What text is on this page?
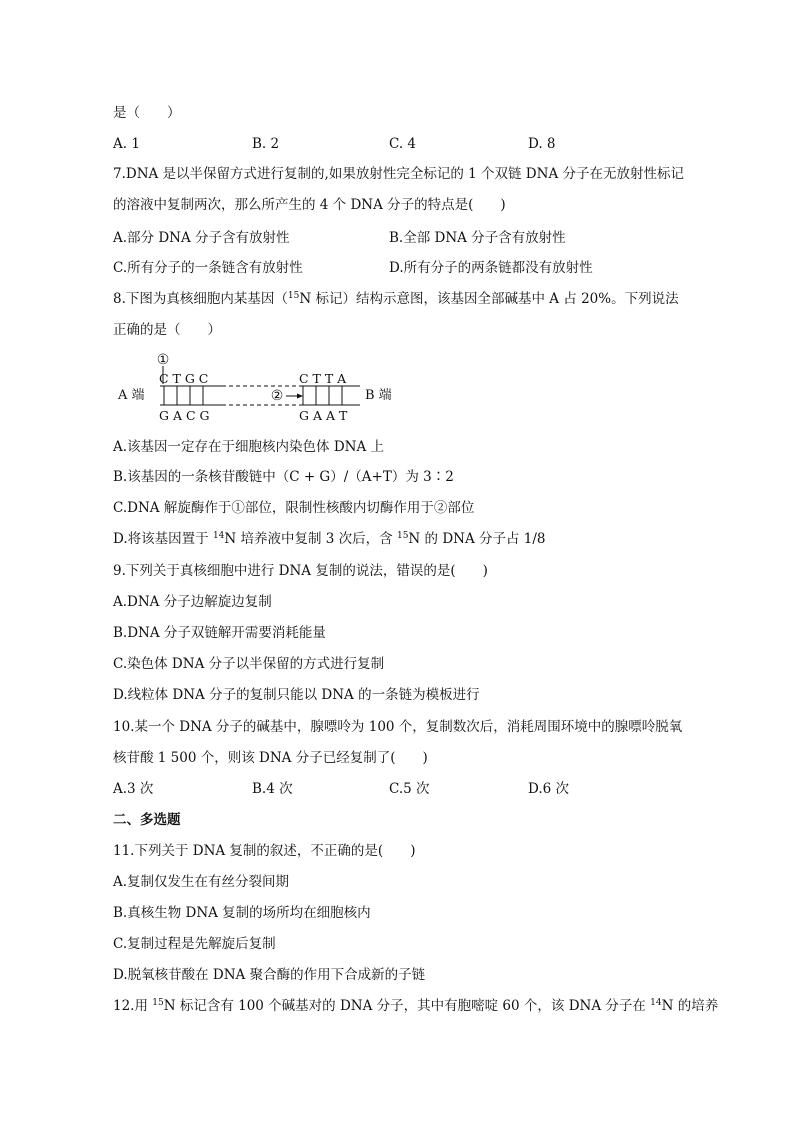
是（　　）
A. 1	B. 2	C. 4	D. 8
7.DNA 是以半保留方式进行复制的,如果放射性完全标记的 1 个双链 DNA 分子在无放射性标记
的溶液中复制两次，那么所产生的 4 个 DNA 分子的特点是(　　)
A.部分 DNA 分子含有放射性	B.全部 DNA 分子含有放射性
C.所有分子的一条链含有放射性	D.所有分子的两条链都没有放射性
8.下图为真核细胞内某基因（$^{15}$N 标记）结构示意图，该基因全部碱基中 A 占 20%。下列说法
正确的是（　　）
①
C T G C	C T T A
A 端	B 端
②
G A C G	G A A T
A.该基因一定存在于细胞核内染色体 DNA 上
B.该基因的一条核苷酸链中（C + G）/（A+T）为 3∶2
C.DNA 解旋酶作于①部位，限制性核酸内切酶作用于②部位
D.将该基因置于 $^{14}$N 培养液中复制 3 次后，含 $^{15}$N 的 DNA 分子占 1/8
9.下列关于真核细胞中进行 DNA 复制的说法，错误的是(　　)
A.DNA 分子边解旋边复制
B.DNA 分子双链解开需要消耗能量
C.染色体 DNA 分子以半保留的方式进行复制
D.线粒体 DNA 分子的复制只能以 DNA 的一条链为模板进行
10.某一个 DNA 分子的碱基中，腺嘌呤为 100 个，复制数次后，消耗周围环境中的腺嘌呤脱氧
核苷酸 1 500 个，则该 DNA 分子已经复制了(　　)
A.3 次	B.4 次	C.5 次	D.6 次
二、多选题
11.下列关于 DNA 复制的叙述，不正确的是(　　)
A.复制仅发生在有丝分裂间期
B.真核生物 DNA 复制的场所均在细胞核内
C.复制过程是先解旋后复制
D.脱氧核苷酸在 DNA 聚合酶的作用下合成新的子链
12.用 $^{15}$N 标记含有 100 个碱基对的 DNA 分子，其中有胞嘧啶 60 个，该 DNA 分子在 $^{14}$N 的培养
